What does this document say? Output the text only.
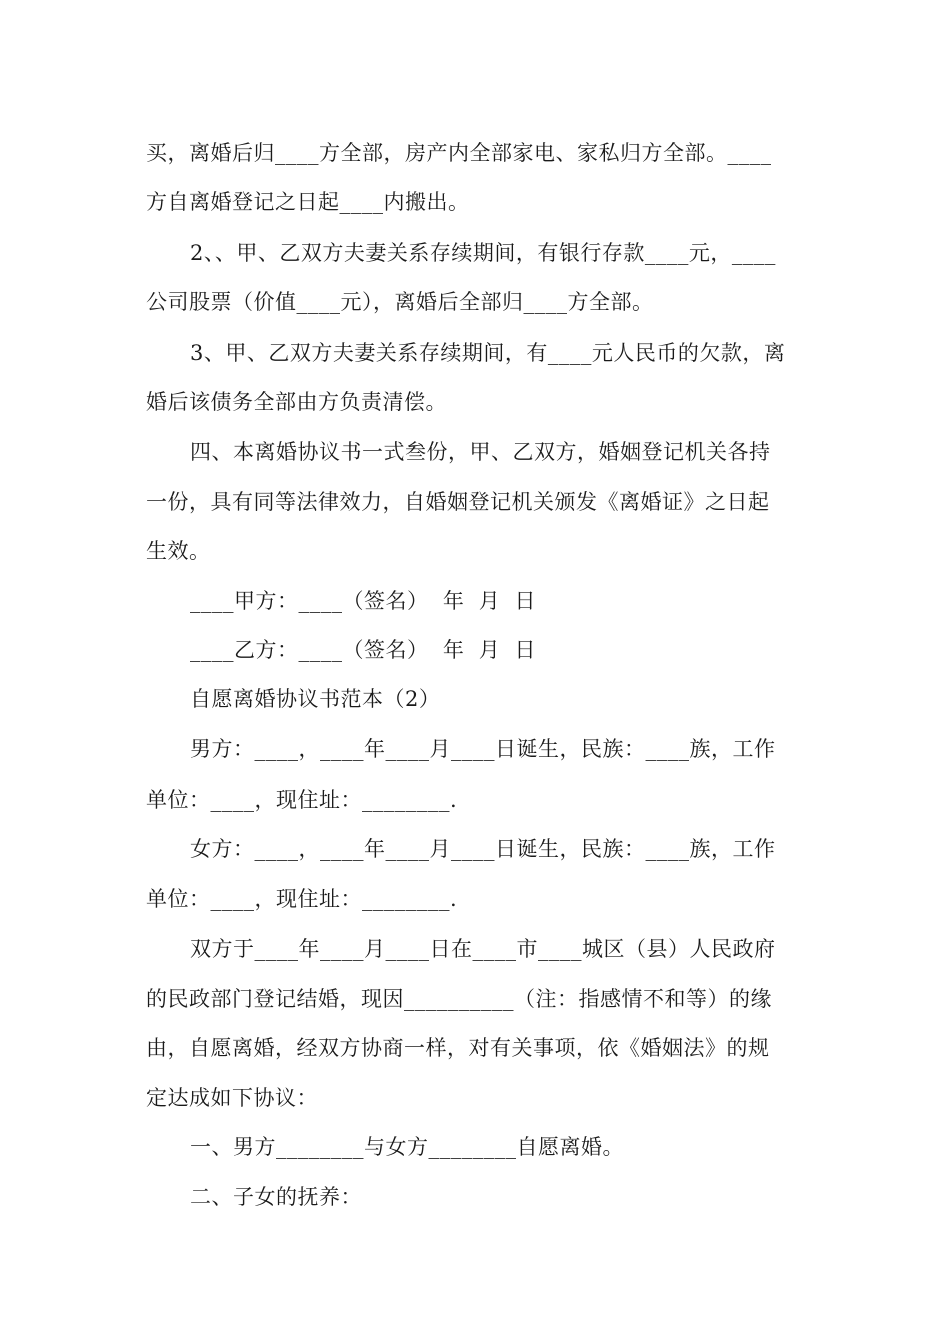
买，离婚后归____方全部，房产内全部家电、家私归方全部。____
方自离婚登记之日起____内搬出。
2、、甲、乙双方夫妻关系存续期间，有银行存款____元，____
公司股票（价值____元），离婚后全部归____方全部。
3、甲、乙双方夫妻关系存续期间，有____元人民币的欠款，离
婚后该债务全部由方负责清偿。
四、本离婚协议书一式叁份，甲、乙双方，婚姻登记机关各持
一份，具有同等法律效力，自婚姻登记机关颁发《离婚证》之日起
生效。
____甲方：____（签名）  年  月  日
____乙方：____（签名）  年  月  日
自愿离婚协议书范本（2）
男方：____，____年____月____日诞生，民族：____族，工作
单位：____，现住址：________.
女方：____，____年____月____日诞生，民族：____族，工作
单位：____，现住址：________.
双方于____年____月____日在____市____城区（县）人民政府
的民政部门登记结婚，现因__________（注：指感情不和等）的缘
由，自愿离婚，经双方协商一样，对有关事项，依《婚姻法》的规
定达成如下协议：
一、男方________与女方________自愿离婚。
二、子女的抚养：
